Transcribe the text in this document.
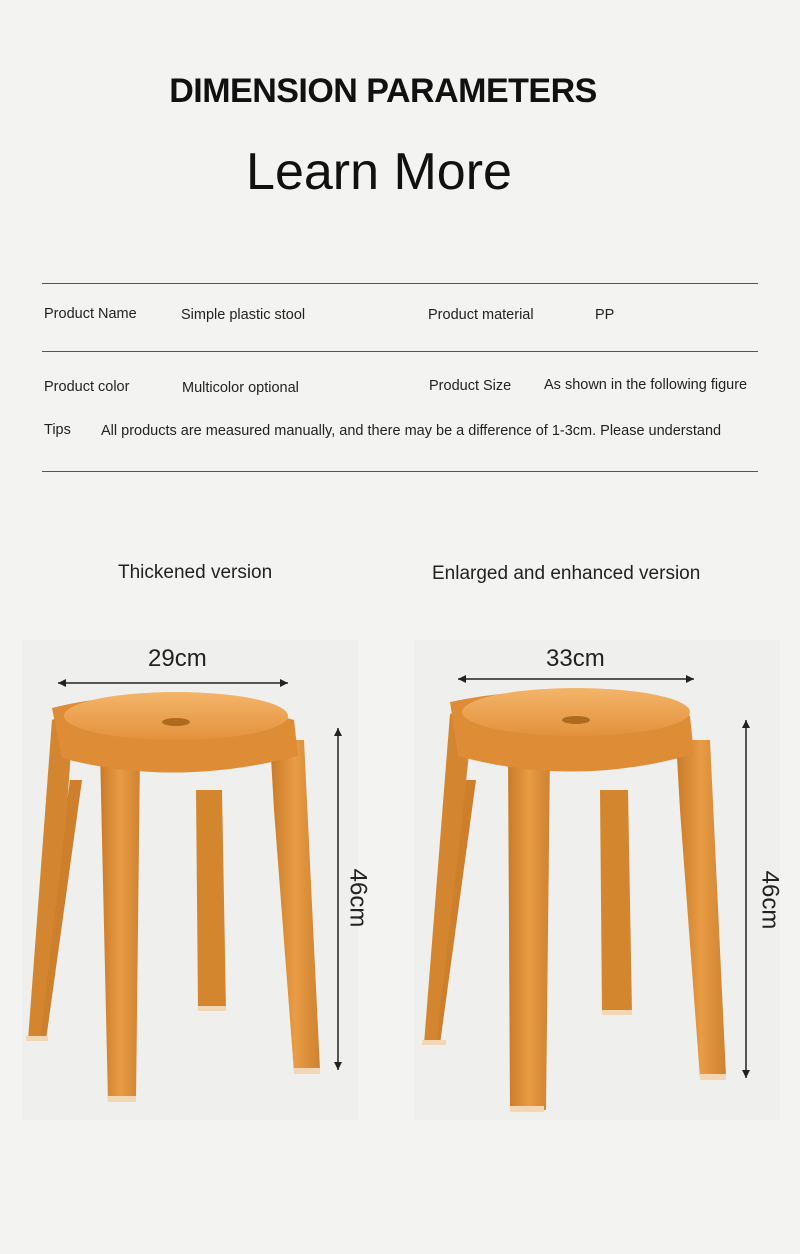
DIMENSION PARAMETERS
Learn More
Product Name	Simple plastic stool	Product material	PP
Product color	Multicolor optional	Product Size As shown in the following figure
Tips All products are measured manually, and there may be a difference of 1-3cm. Please understand
Thickened version	Enlarged and enhanced version
29cm	33cm
46cm	46cm
